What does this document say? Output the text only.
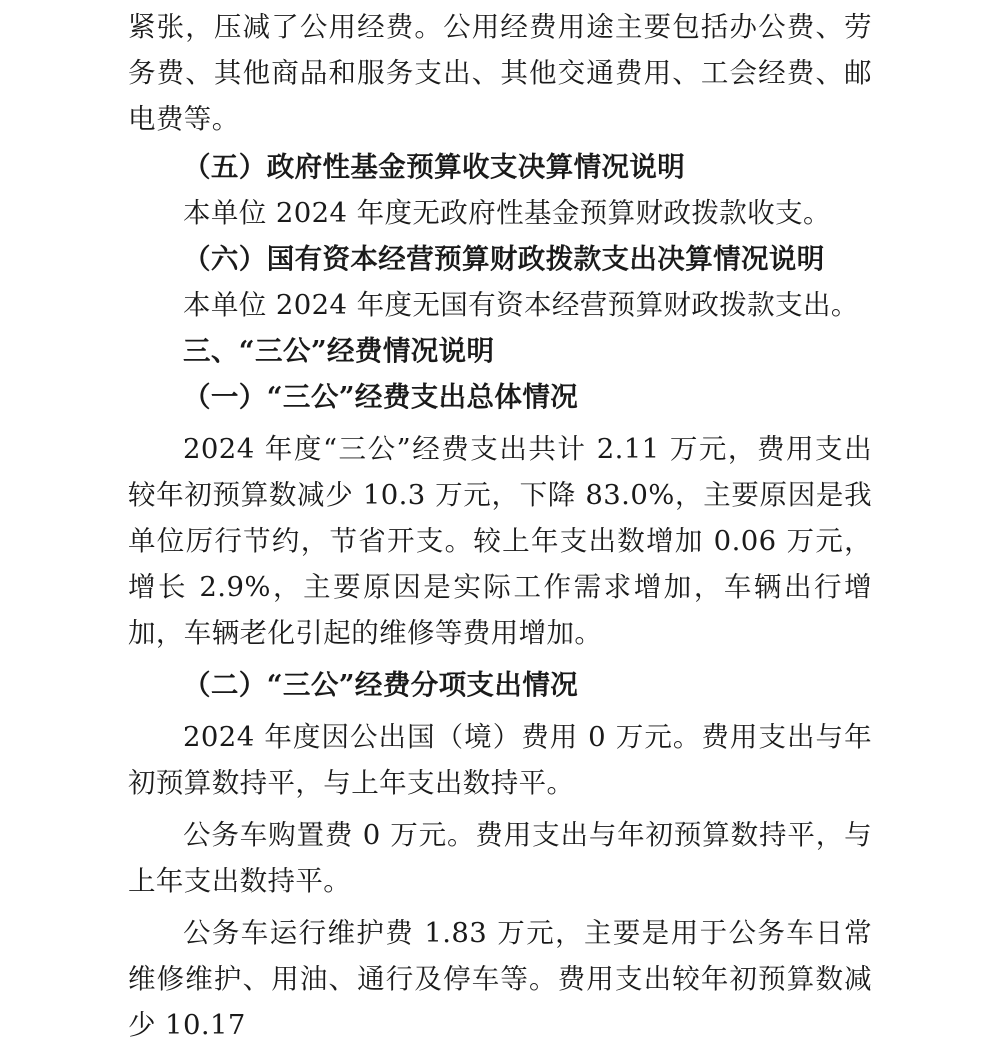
紧张，压减了公用经费。公用经费用途主要包括办公费、劳务费、其他商品和服务支出、其他交通费用、工会经费、邮电费等。

（五）政府性基金预算收支决算情况说明

本单位 2024 年度无政府性基金预算财政拨款收支。

（六）国有资本经营预算财政拨款支出决算情况说明

本单位 2024 年度无国有资本经营预算财政拨款支出。

三、“三公”经费情况说明

（一）“三公”经费支出总体情况

2024 年度“三公”经费支出共计 2.11 万元，费用支出较年初预算数减少 10.3 万元，下降 83.0%，主要原因是我单位厉行节约，节省开支。较上年支出数增加 0.06 万元，增长 2.9%，主要原因是实际工作需求增加，车辆出行增加，车辆老化引起的维修等费用增加。

（二）“三公”经费分项支出情况

2024 年度因公出国（境）费用 0 万元。费用支出与年初预算数持平，与上年支出数持平。

公务车购置费 0 万元。费用支出与年初预算数持平，与上年支出数持平。

公务车运行维护费 1.83 万元，主要是用于公务车日常维修维护、用油、通行及停车等。费用支出较年初预算数减少 10.17
